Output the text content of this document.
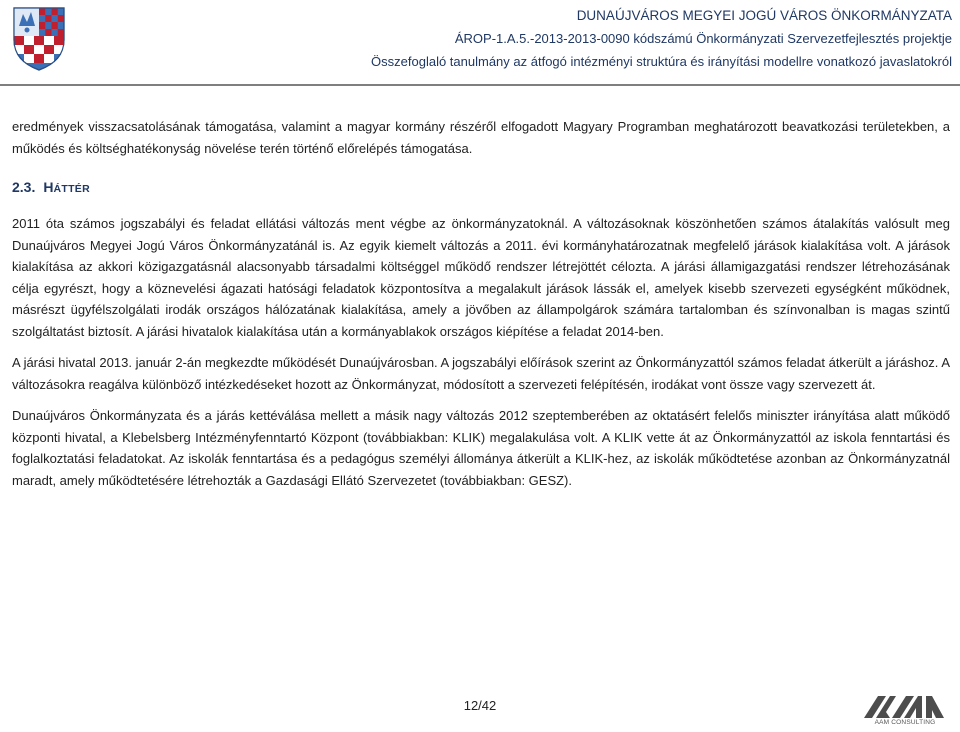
DUNAÚJVÁROS MEGYEI JOGÚ VÁROS ÖNKORMÁNYZATA
ÁROP-1.A.5.-2013-2013-0090 kódszámú Önkormányzati Szervezetfejlesztés projektje
Összefoglaló tanulmány az átfogó intézményi struktúra és irányítási modellre vonatkozó javaslatokról

eredmények visszacsatolásának támogatása, valamint a magyar kormány részéről elfogadott Magyary Programban meghatározott beavatkozási területekben, a működés és költséghatékonyság növelése terén történő előrelépés támogatása.

2.3. HÁTTÉR

2011 óta számos jogszabályi és feladat ellátási változás ment végbe az önkormányzatoknál. A változásoknak köszönhetően számos átalakítás valósult meg Dunaújváros Megyei Jogú Város Önkormányzatánál is. Az egyik kiemelt változás a 2011. évi kormányhatározatnak megfelelő járások kialakítása volt. A járások kialakítása az akkori közigazgatásnál alacsonyabb társadalmi költséggel működő rendszer létrejöttét célozta. A járási államigazgatási rendszer létrehozásának célja egyrészt, hogy a köznevelési ágazati hatósági feladatok központosítva a megalakult járások lássák el, amelyek kisebb szervezeti egységként működnek, másrészt ügyfélszolgálati irodák országos hálózatának kialakítása, amely a jövőben az állampolgárok számára tartalomban és színvonalban is magas szintű szolgáltatást biztosít. A járási hivatalok kialakítása után a kormányablakok országos kiépítése a feladat 2014-ben.

A járási hivatal 2013. január 2-án megkezdte működését Dunaújvárosban. A jogszabályi előírások szerint az Önkormányzattól számos feladat átkerült a járáshoz. A változásokra reagálva különböző intézkedéseket hozott az Önkormányzat, módosított a szervezeti felépítésén, irodákat vont össze vagy szervezett át.

Dunaújváros Önkormányzata és a járás kettéválása mellett a másik nagy változás 2012 szeptemberében az oktatásért felelős miniszter irányítása alatt működő központi hivatal, a Klebelsberg Intézményfenntartó Központ (továbbiakban: KLIK) megalakulása volt. A KLIK vette át az Önkormányzattól az iskola fenntartási és foglalkoztatási feladatokat. Az iskolák fenntartása és a pedagógus személyi állománya átkerült a KLIK-hez, az iskolák működtetése azonban az Önkormányzatnál maradt, amely működtetésére létrehozták a Gazdasági Ellátó Szervezetet (továbbiakban: GESZ).

12/42
AAM CONSULTING
